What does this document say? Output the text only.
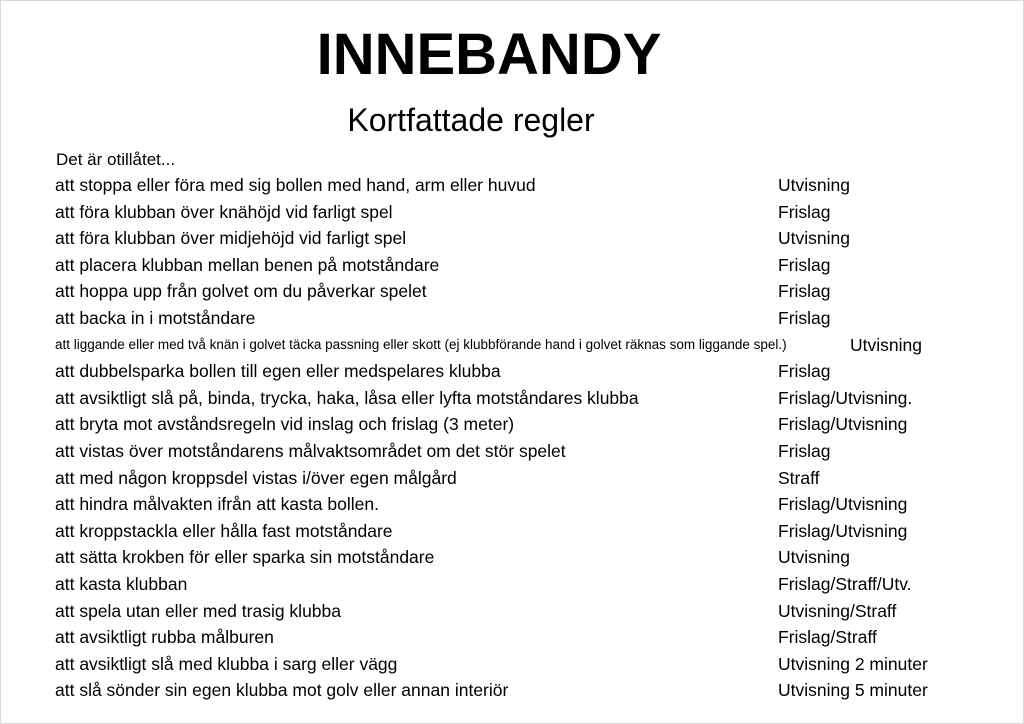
INNEBANDY
Kortfattade regler
Det är otillåtet...
att stoppa eller föra med sig bollen med hand, arm eller huvud	Utvisning
att föra klubban över knähöjd vid farligt spel	Frislag
att föra klubban över midjehöjd vid farligt spel	Utvisning
att placera klubban mellan benen på motståndare	Frislag
att hoppa upp från golvet om du påverkar spelet	Frislag
att backa in i motståndare	Frislag
att liggande eller med två knän i golvet täcka passning eller skott (ej klubbförande hand i golvet räknas som liggande spel.)	Utvisning
att dubbelsparka bollen till egen eller medspelares klubba	Frislag
att avsiktligt slå på, binda, trycka, haka, låsa eller lyfta motståndares klubba	Frislag/Utvisning.
att bryta mot avståndsregeln vid inslag och frislag (3 meter)	Frislag/Utvisning
att vistas över motståndarens målvaktsområdet om det stör spelet	Frislag
att med någon kroppsdel vistas i/över egen målgård	Straff
att hindra målvakten ifrån att kasta bollen.	Frislag/Utvisning
att kroppstackla eller hålla fast motståndare	Frislag/Utvisning
att sätta krokben för eller sparka sin motståndare	Utvisning
att kasta klubban	Frislag/Straff/Utv.
att spela utan eller med trasig klubba	Utvisning/Straff
att avsiktligt rubba målburen	Frislag/Straff
att avsiktligt slå med klubba i sarg eller vägg	Utvisning 2 minuter
att slå sönder sin egen klubba mot golv eller annan interiör	Utvisning 5 minuter
